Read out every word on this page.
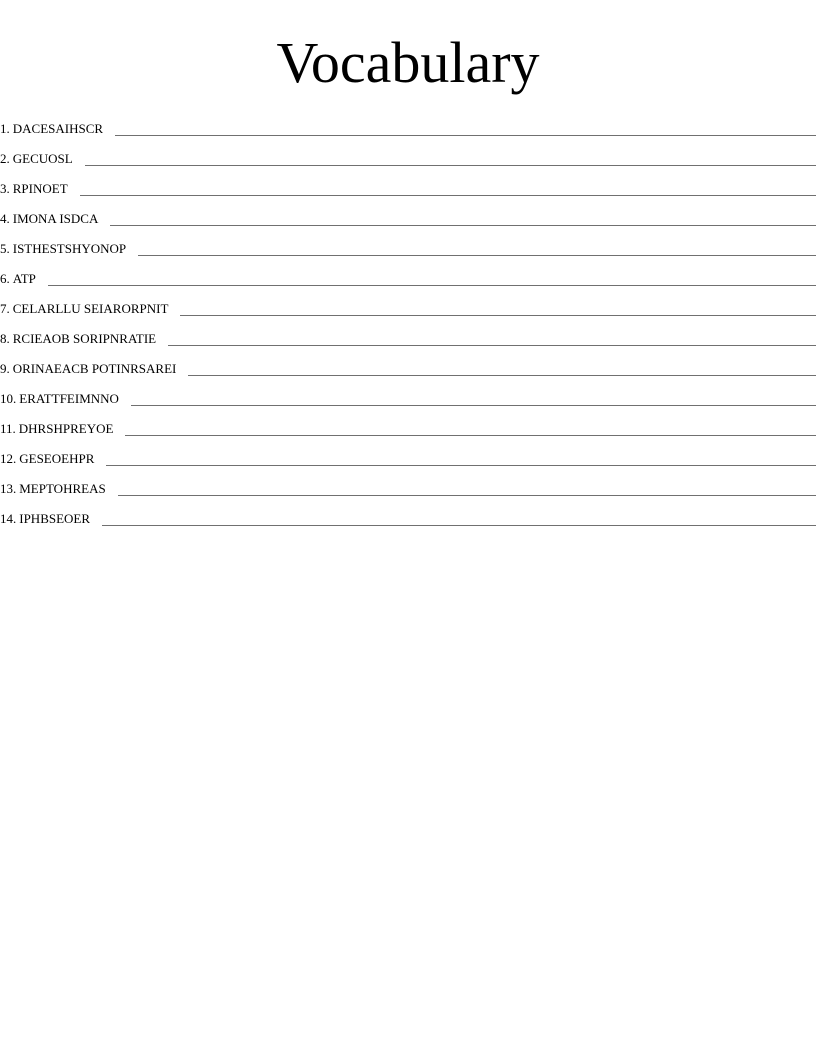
Vocabulary
1. DACESAIHSCR
2. GECUOSL
3. RPINOET
4. IMONA ISDCA
5. ISTHESTSHYONOP
6. ATP
7. CELARLLU SEIARORPNIT
8. RCIEAOB SORIPNRATIE
9. ORINAEACB POTINRSAREI
10. ERATTFEIMNNO
11. DHRSHPREYOE
12. GESEOEHPR
13. MEPTOHREAS
14. IPHBSEOER
